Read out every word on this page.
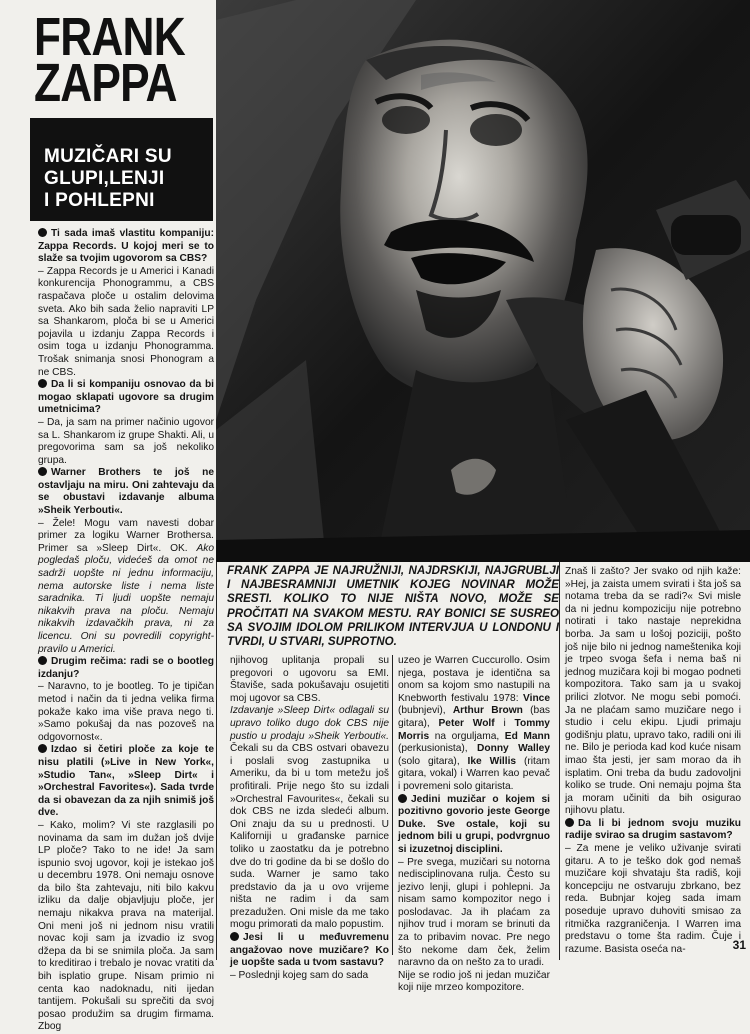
FRANK
ZAPPA
MUZIČARI SU
GLUPI,LENJI
I POHLEPNI

Ti sada imaš vlastitu kompaniju: Zappa Records. U kojoj meri se to slaže sa tvojim ugovorom sa CBS?

– Zappa Records je u Americi i Kanadi konkurencija Phonogrammu, a CBS raspačava ploče u ostalim delovima sveta. Ako bih sada želio napraviti LP sa Shankarom, ploča bi se u Americi pojavila u izdanju Zappa Records i osim toga u izdanju Phonogramma. Trošak snimanja snosi Phonogram a ne CBS.

Da li si kompaniju osnovao da bi mogao sklapati ugovore sa drugim umetnicima?

– Da, ja sam na primer načinio ugovor sa L. Shankarom iz grupe Shakti. Ali, u pregovorima sam sa još nekoliko grupa.

Warner Brothers te još ne ostavljaju na miru. Oni zahtevaju da se obustavi izdavanje albuma »Sheik Yerbouti«.

– Žele! Mogu vam navesti dobar primer za logiku Warner Brothersa. Primer sa »Sleep Dirt«. OK. Ako pogledaš ploču, videćeš da omot ne sadrži uopšte ni jednu informaciju, nema autorske liste i nema liste saradnika. Ti ljudi uopšte nemaju nikakvih prava na ploču. Nemaju nikakvih izdavačkih prava, ni za licencu. Oni su povredili copyright-pravilo u Americi.

Drugim rečima: radi se o bootleg izdanju?

– Naravno, to je bootleg. To je tipičan metod i način da ti jedna velika firma pokaže kako ima više prava nego ti. »Samo pokušaj da nas pozoveš na odgovornost«.

Izdao si četiri ploče za koje te nisu platili (»Live in New York«, »Studio Tan«, »Sleep Dirt« i »Orchestral Favorites«). Sada tvrde da si obavezan da za njih snimiš još dve.

– Kako, molim? Vi ste razglasili po novinama da sam im dužan još dvije LP ploče? Tako to ne ide! Ja sam ispunio svoj ugovor, koji je istekao još u decembru 1978. Oni nemaju osnove da bilo šta zahtevaju, niti bilo kakvu izliku da dalje objavljuju ploče, jer nemaju nikakva prava na materijal. Oni meni još ni jednom nisu vratili novac koji sam ja izvadio iz svog džepa da bi se snimila ploča. Ja sam to kreditirao i trebalo je novac vratiti da bih isplatio grupe. Nisam primio ni centa kao nadoknadu, niti ijedan tantijem. Pokušali su sprečiti da svoj posao produžim sa drugim firmama. Zbog

FRANK ZAPPA JE NAJRUŽNIJI, NAJDRSKIJI, NAJGRUBLJI I NAJBESRAMNIJI UMETNIK KOJEG NOVINAR MOŽE SRESTI. KOLIKO TO NIJE NIŠTA NOVO, MOŽE SE PROČITATI NA SVAKOM MESTU. RAY BONICI SE SUSREO SA SVOJIM IDOLOM PRILIKOM INTERVJUA U LONDONU I TVRDI, U STVARI, SUPROTNO.

njihovog uplitanja propali su pregovori o ugovoru sa EMI. Štaviše, sada pokušavaju osujetiti moj ugovor sa CBS.

Izdavanje »Sleep Dirt« odlagali su upravo toliko dugo dok CBS nije pustio u prodaju »Sheik Yerbouti«. Čekali su da CBS ostvari obavezu i poslali svog zastupnika u Ameriku, da bi u tom metežu još profitirali. Prije nego što su izdali »Orchestral Favourites«, čekali su dok CBS ne izda sledeći album. Oni znaju da su u prednosti. U Kaliforniji u građanske parnice toliko u zaostatku da je potrebno dve do tri godine da bi se došlo do suda. Warner je samo tako predstavio da ja u ovo vrijeme ništa ne radim i da sam prezadužen. Oni misle da me tako mogu primorati da malo popustim.

Jesi li u međuvremenu angažovao nove muzičare? Ko je uopšte sada u tvom sastavu?

– Poslednji kojeg sam do sada

uzeo je Warren Cuccurollo. Osim njega, postava je identična sa onom sa kojom smo nastupili na Knebworth festivalu 1978: Vince (bubnjevi), Arthur Brown (bas gitara), Peter Wolf i Tommy Morris na orguljama, Ed Mann (perkusionista), Donny Walley (solo gitara), Ike Willis (ritam gitara, vokal) i Warren kao pevač i povremeni solo gitarista.

Jedini muzičar o kojem si pozitivno govorio jeste George Duke. Sve ostale, koji su jednom bili u grupi, podvrgnuo si izuzetnoj disciplini.

– Pre svega, muzičari su notorna nedisciplinovana rulja. Često su jezivo lenji, glupi i pohlepni. Ja nisam samo kompozitor nego i poslodavac. Ja ih plaćam za njihov trud i moram se brinuti da za to pribavim novac. Pre nego što nekome dam ček, želim naravno da on nešto za to uradi.

Nije se rodio još ni jedan muzičar koji nije mrzeo kompozitore.

Znaš li zašto? Jer svako od njih kaže: »Hej, ja zaista umem svirati i šta još sa notama treba da se radi?« Svi misle da ni jednu kompoziciju nije potrebno notirati i tako nastaje neprekidna borba. Ja sam u lošoj poziciji, pošto još nije bilo ni jednog nameštenika koji je trpeo svoga šefa i nema baš ni jednog muzičara koji bi mogao podneti kompozitora. Tako sam ja u svakoj prilici zlotvor. Ne mogu sebi pomoći. Ja ne plaćam samo muzičare nego i studio i celu ekipu. Ljudi primaju godišnju platu, upravo tako, radili oni ili ne. Bilo je perioda kad kod kuće nisam imao šta jesti, jer sam morao da ih isplatim. Oni treba da budu zadovoljni koliko se trude. Oni nemaju pojma šta ja moram učiniti da bih osigurao njihovu platu.

Da li bi jednom svoju muziku radije svirao sa drugim sastavom?

– Za mene je veliko uživanje svirati gitaru. A to je teško dok god nemaš muzičare koji shvataju šta radiš, koji koncepciju ne ostvaruju zbrkano, bez reda. Bubnjar kojeg sada imam poseduje upravo duhoviti smisao za ritmička razgraničenja. I Warren ima predstavu o tome šta radim. Čuje i razume. Basista oseća na-	31
